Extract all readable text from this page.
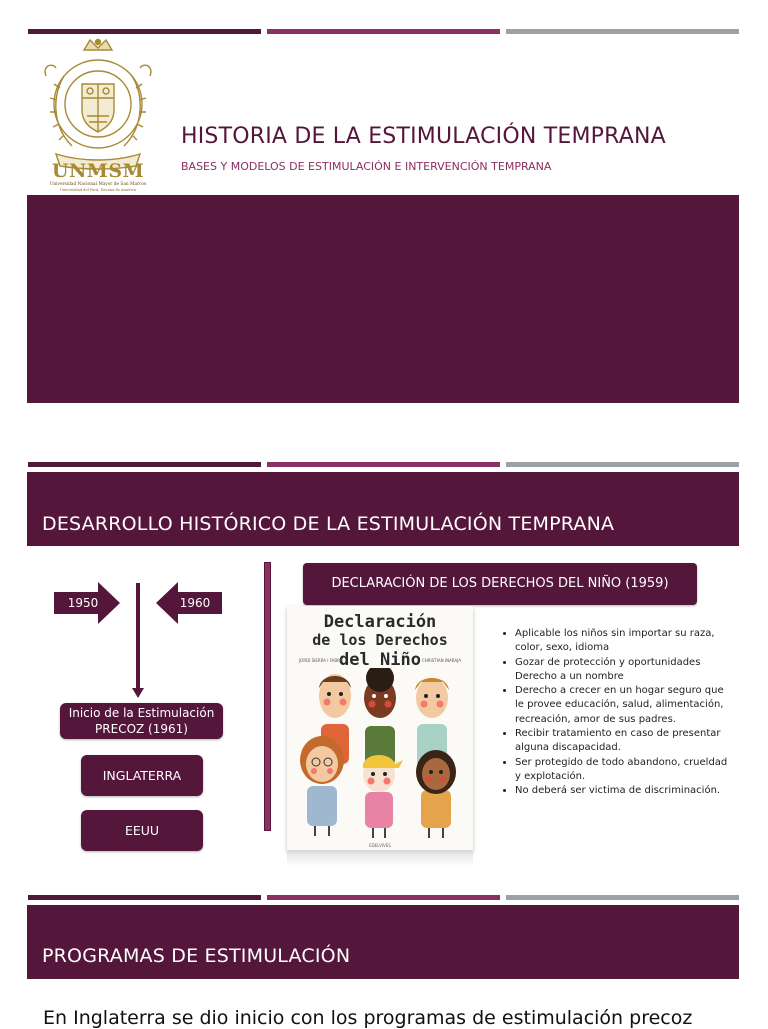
UNMSM
Universidad Nacional Mayor de San Marcos
Universidad del Perú, Decana de América
HISTORIA DE LA ESTIMULACIÓN TEMPRANA
BASES Y MODELOS DE ESTIMULACIÓN E INTERVENCIÓN TEMPRANA
DESARROLLO HISTÓRICO DE LA ESTIMULACIÓN TEMPRANA
1950	1960
Inicio de la Estimulación PRECOZ (1961)
INGLATERRA
EEUU
DECLARACIÓN DE LOS DERECHOS DEL NIÑO (1959)
Declaración
de los Derechos
del Niño
JORDI SIERRA I FABRA	CHRISTIAN INARAJA
EDELVIVES
• Aplicable los niños sin importar su raza, color, sexo, idioma
• Gozar de protección y oportunidades Derecho a un nombre
• Derecho a crecer en un hogar seguro que le provee educación, salud, alimentación, recreación, amor de sus padres.
• Recibir tratamiento en caso de presentar alguna discapacidad.
• Ser protegido de todo abandono, crueldad y explotación.
• No deberá ser victima de discriminación.
PROGRAMAS DE ESTIMULACIÓN
En Inglaterra se dio inicio con los programas de estimulación precoz
